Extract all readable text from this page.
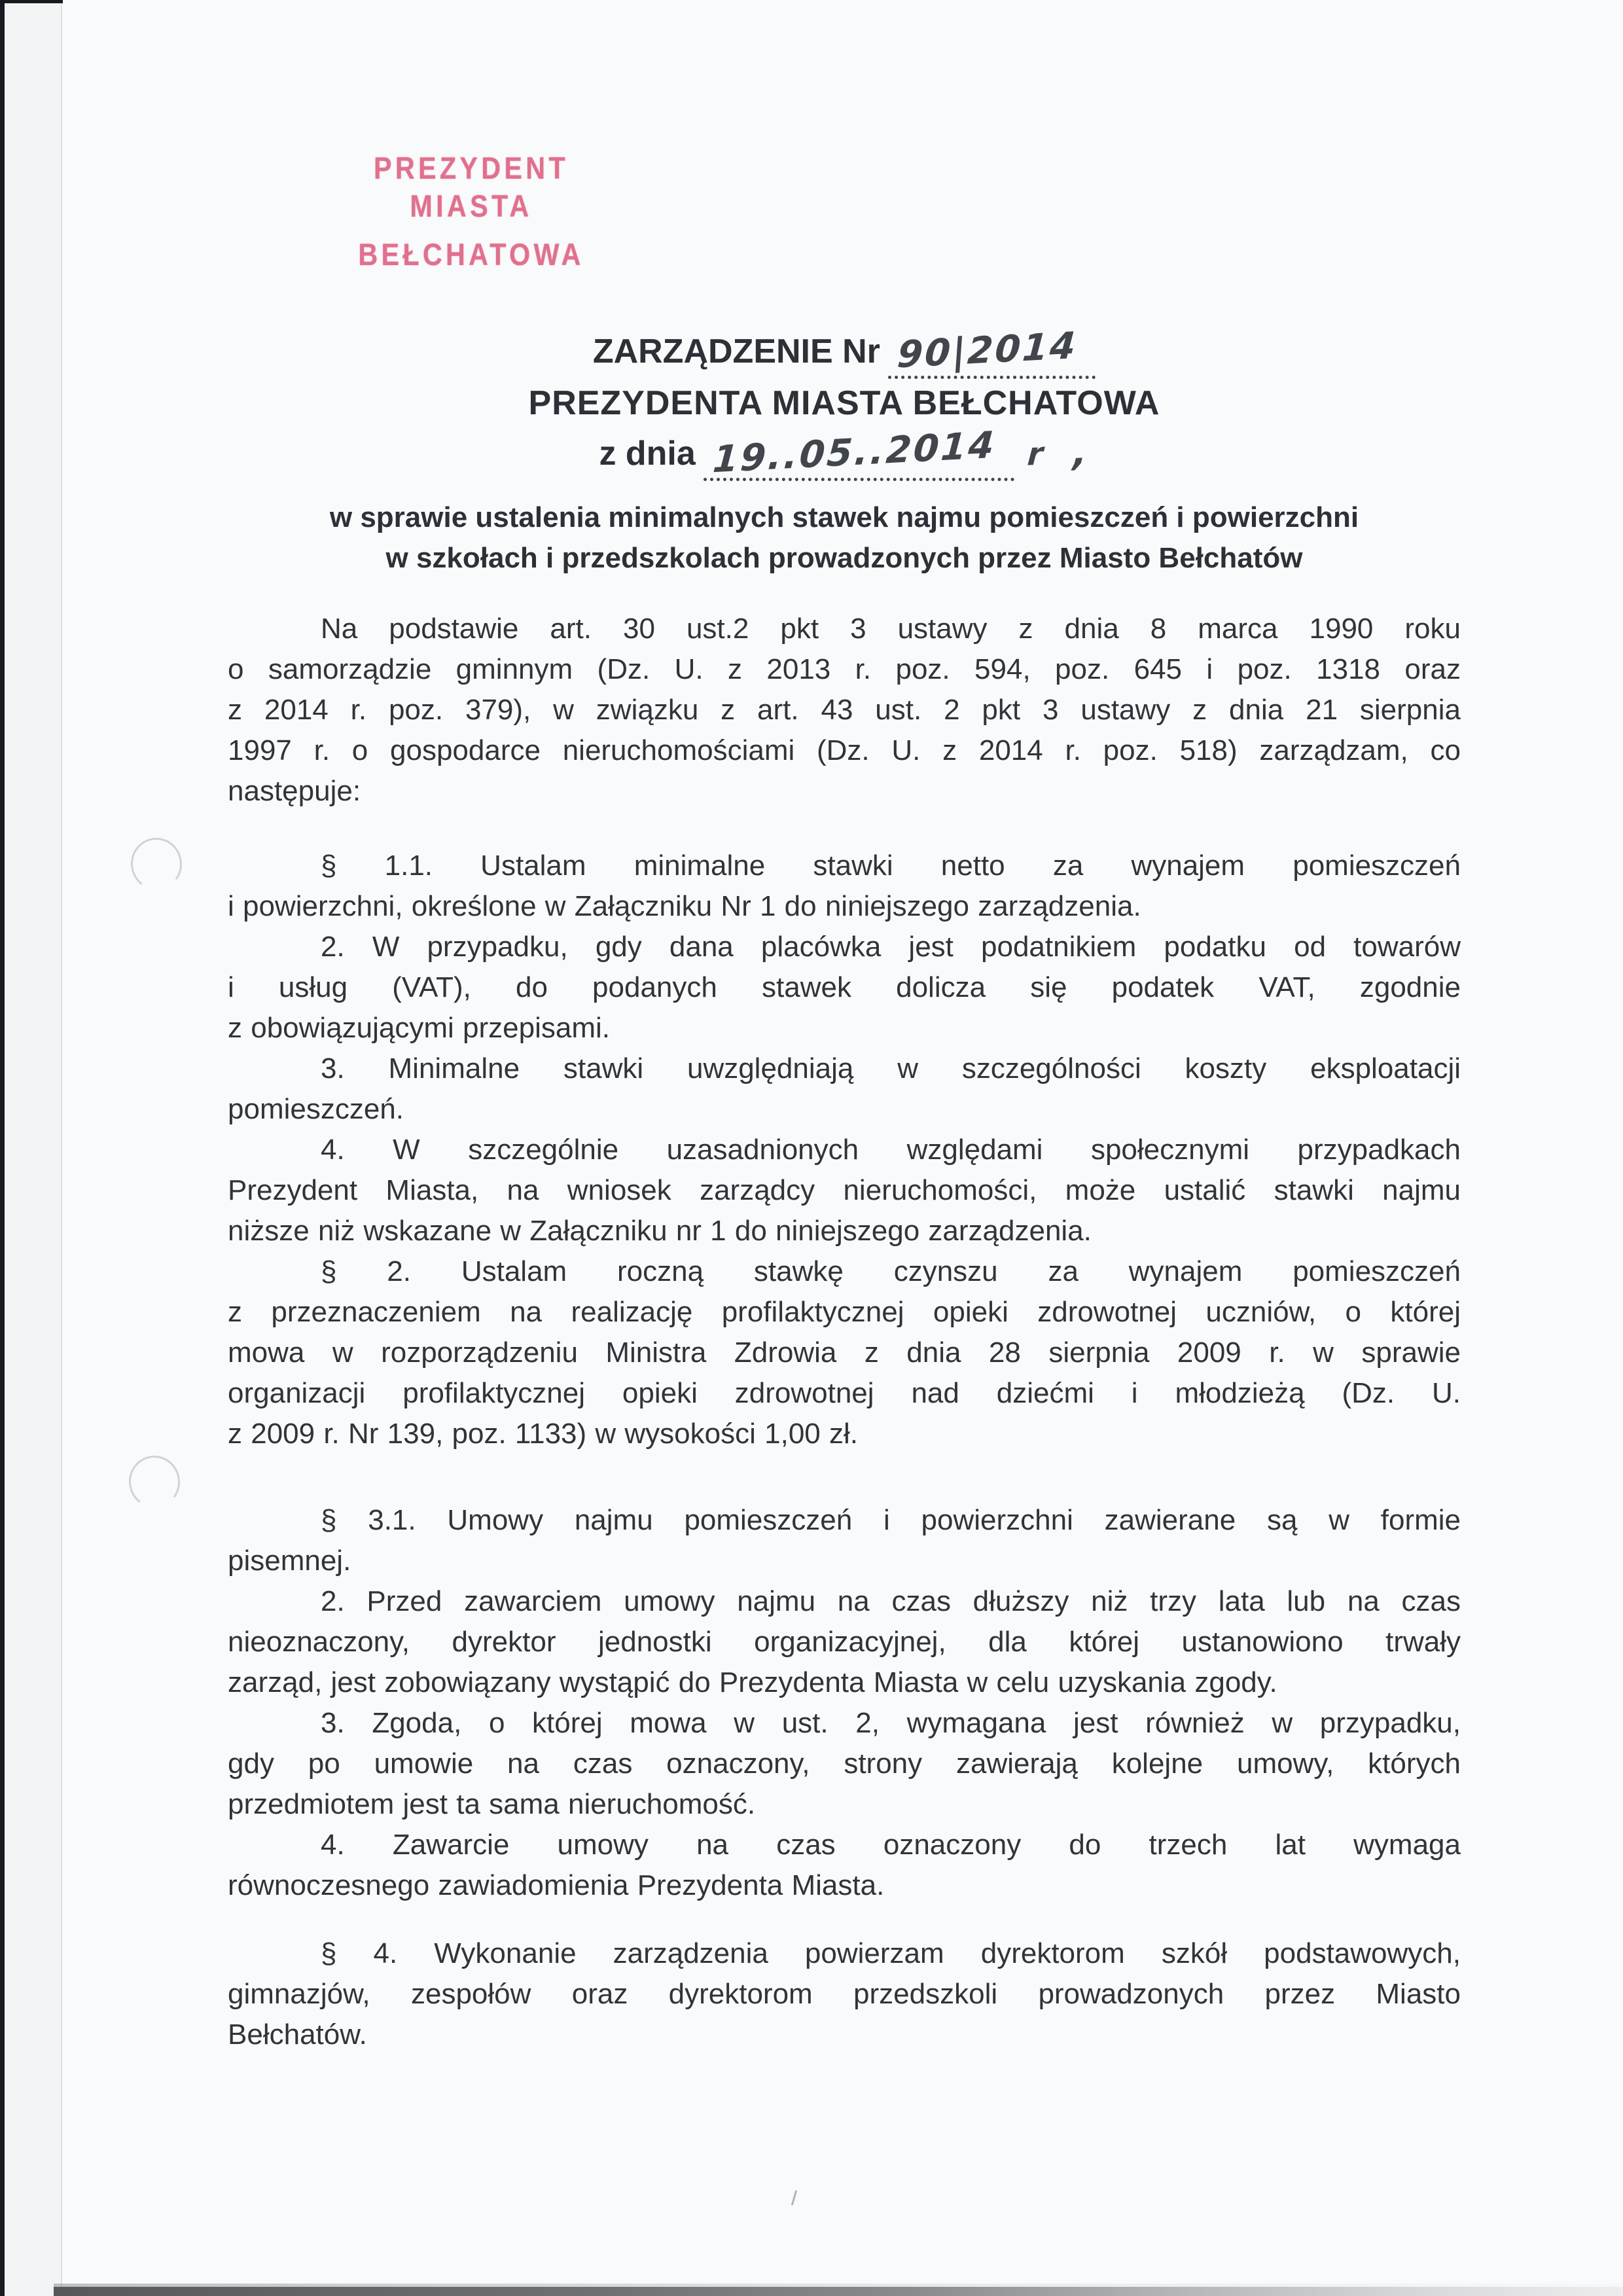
PREZYDENT MIASTA
BEŁCHATOWA
ZARZĄDZENIE Nr 90|2014
PREZYDENTA MIASTA BEŁCHATOWA
z dnia 19..05..2014 r ,
w sprawie ustalenia minimalnych stawek najmu pomieszczeń i powierzchni
w szkołach i przedszkolach prowadzonych przez Miasto Bełchatów

Na podstawie art. 30 ust.2 pkt 3 ustawy z dnia 8 marca 1990 roku
o samorządzie gminnym (Dz. U. z 2013 r. poz. 594, poz. 645 i poz. 1318 oraz
z 2014 r. poz. 379), w związku z art. 43 ust. 2 pkt 3 ustawy z dnia 21 sierpnia
1997 r. o gospodarce nieruchomościami (Dz. U. z 2014 r. poz. 518) zarządzam, co
następuje:

§ 1.1. Ustalam minimalne stawki netto za wynajem pomieszczeń
i powierzchni, określone w Załączniku Nr 1 do niniejszego zarządzenia.

2. W przypadku, gdy dana placówka jest podatnikiem podatku od towarów
i usług (VAT), do podanych stawek dolicza się podatek VAT, zgodnie
z obowiązującymi przepisami.

3. Minimalne stawki uwzględniają w szczególności koszty eksploatacji
pomieszczeń.

4. W szczególnie uzasadnionych względami społecznymi przypadkach
Prezydent Miasta, na wniosek zarządcy nieruchomości, może ustalić stawki najmu
niższe niż wskazane w Załączniku nr 1 do niniejszego zarządzenia.

§ 2. Ustalam roczną stawkę czynszu za wynajem pomieszczeń
z przeznaczeniem na realizację profilaktycznej opieki zdrowotnej uczniów, o której
mowa w rozporządzeniu Ministra Zdrowia z dnia 28 sierpnia 2009 r. w sprawie
organizacji profilaktycznej opieki zdrowotnej nad dziećmi i młodzieżą (Dz. U.
z 2009 r. Nr 139, poz. 1133) w wysokości 1,00 zł.

§ 3.1. Umowy najmu pomieszczeń i powierzchni zawierane są w formie
pisemnej.

2. Przed zawarciem umowy najmu na czas dłuższy niż trzy lata lub na czas
nieoznaczony, dyrektor jednostki organizacyjnej, dla której ustanowiono trwały
zarząd, jest zobowiązany wystąpić do Prezydenta Miasta w celu uzyskania zgody.

3. Zgoda, o której mowa w ust. 2, wymagana jest również w przypadku,
gdy po umowie na czas oznaczony, strony zawierają kolejne umowy, których
przedmiotem jest ta sama nieruchomość.

4. Zawarcie umowy na czas oznaczony do trzech lat wymaga
równoczesnego zawiadomienia Prezydenta Miasta.

§ 4. Wykonanie zarządzenia powierzam dyrektorom szkół podstawowych,
gimnazjów, zespołów oraz dyrektorom przedszkoli prowadzonych przez Miasto
Bełchatów.
